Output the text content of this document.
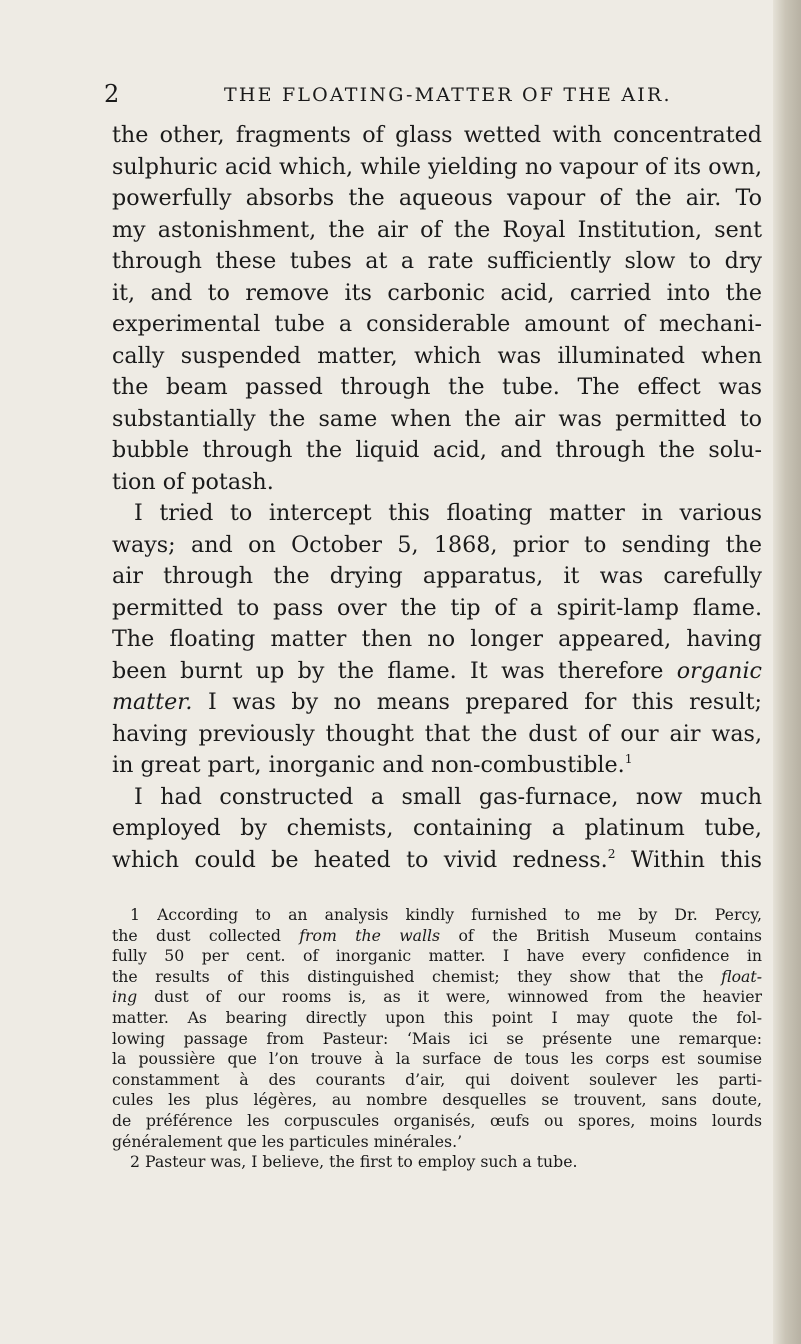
2	THE FLOATING-MATTER OF THE AIR.
the other, fragments of glass wetted with concentrated
sulphuric acid which, while yielding no vapour of its own,
powerfully absorbs the aqueous vapour of the air. To
my astonishment, the air of the Royal Institution, sent
through these tubes at a rate sufficiently slow to dry
it, and to remove its carbonic acid, carried into the
experimental tube a considerable amount of mechani-
cally suspended matter, which was illuminated when
the beam passed through the tube. The effect was
substantially the same when the air was permitted to
bubble through the liquid acid, and through the solu-
tion of potash.
I tried to intercept this floating matter in various
ways; and on October 5, 1868, prior to sending the
air through the drying apparatus, it was carefully
permitted to pass over the tip of a spirit-lamp flame.
The floating matter then no longer appeared, having
been burnt up by the flame. It was therefore organic
matter. I was by no means prepared for this result;
having previously thought that the dust of our air was,
in great part, inorganic and non-combustible.$^1$
I had constructed a small gas-furnace, now much
employed by chemists, containing a platinum tube,
which could be heated to vivid redness.$^2$ Within this
1 According to an analysis kindly furnished to me by Dr. Percy,
the dust collected from the walls of the British Museum contains
fully 50 per cent. of inorganic matter. I have every confidence in
the results of this distinguished chemist; they show that the float-
ing dust of our rooms is, as it were, winnowed from the heavier
matter. As bearing directly upon this point I may quote the fol-
lowing passage from Pasteur: ‘Mais ici se présente une remarque:
la poussière que l’on trouve à la surface de tous les corps est soumise
constamment à des courants d’air, qui doivent soulever les parti-
cules les plus légères, au nombre desquelles se trouvent, sans doute,
de préférence les corpuscules organisés, œufs ou spores, moins lourds
généralement que les particules minérales.’
2 Pasteur was, I believe, the first to employ such a tube.
